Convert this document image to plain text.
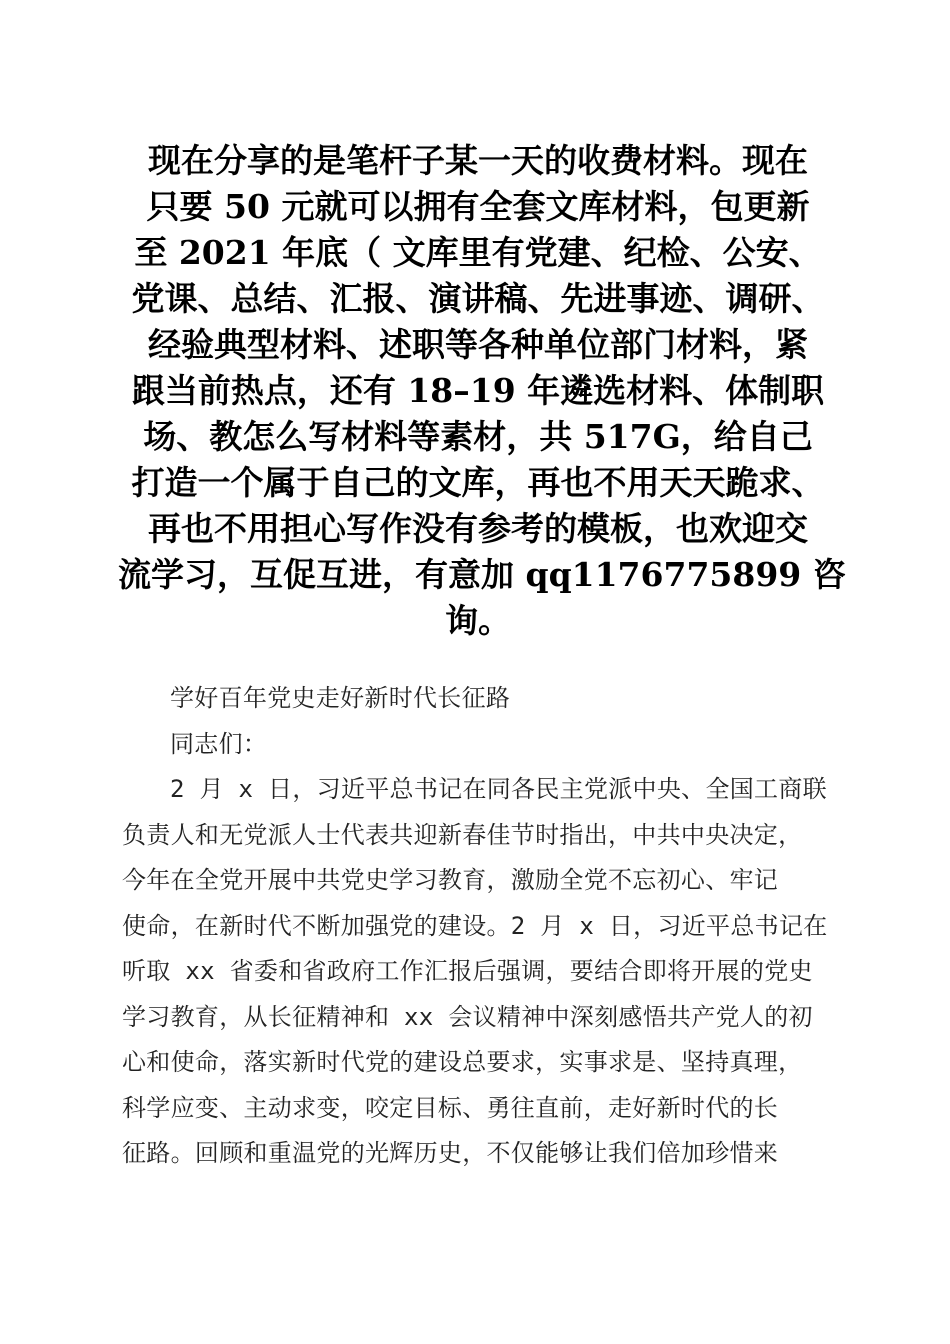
现在分享的是笔杆子某一天的收费材料。现在
只要 50 元就可以拥有全套文库材料，包更新
至 2021 年底（ 文库里有党建、纪检、公安、
党课、总结、汇报、演讲稿、先进事迹、调研、
经验典型材料、述职等各种单位部门材料，紧
跟当前热点，还有 18–19 年遴选材料、体制职
场、教怎么写材料等素材，共 517G，给自己
打造一个属于自己的文库，再也不用天天跪求、
再也不用担心写作没有参考的模板，也欢迎交
流学习，互促互进，有意加 qq1176775899 咨
询。
学好百年党史走好新时代长征路
同志们：
2 月 x 日，习近平总书记在同各民主党派中央、全国工商联
负责人和无党派人士代表共迎新春佳节时指出，中共中央决定，
今年在全党开展中共党史学习教育，激励全党不忘初心、牢记
使命，在新时代不断加强党的建设。2 月 x 日，习近平总书记在
听取 xx 省委和省政府工作汇报后强调，要结合即将开展的党史
学习教育，从长征精神和 xx 会议精神中深刻感悟共产党人的初
心和使命，落实新时代党的建设总要求，实事求是、坚持真理，
科学应变、主动求变，咬定目标、勇往直前，走好新时代的长
征路。回顾和重温党的光辉历史，不仅能够让我们倍加珍惜来
